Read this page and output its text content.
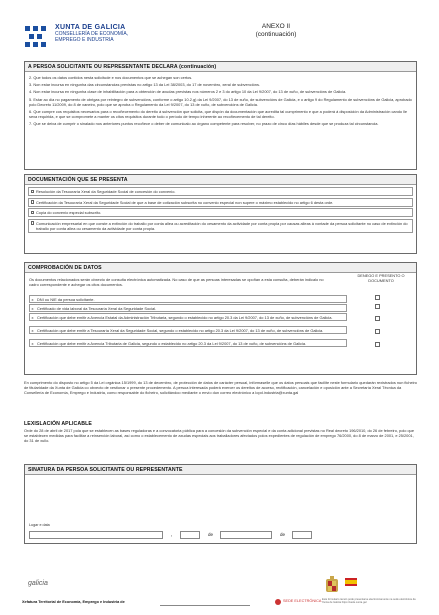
XUNTA DE GALICIA
CONSELLERÍA DE ECONOMÍA,
EMPREGO E INDUSTRIA
ANEXO II
(continuación)
A PERSOA SOLICITANTE OU REPRESENTANTE DECLARA (continuación)
2. Que todos os datos contidos nesta solicitude e nos documentos que se achegan son certos.
3. Non estar incursa en ningunha das circunstancias previstas no artigo 13 da Lei 38/2003, do 17 de novembro, xeral de subvencións.
4. Non estar incursa en ningunha clase de inhabilitación para a obtención de axudas previstas nos números 2 e 3 do artigo 10 da Lei 9/2007, do 13 de xuño, de subvencións de Galicia.
5. Estar ao día no pagamento de obrigas por reintegro de subvencións, conforme o artigo 10.2.g) da Lei 9/2007, do 13 de xuño, de subvencións de Galicia, e o artigo 9 do Regulamento de subvencións de Galicia, aprobado polo Decreto 11/2009, do 8 de xaneiro, polo que se aproba o Regulamento da Lei 9/2007, do 13 de xuño, de subvencións de Galicia.
6. Que cumpre cos requisitos necesarios para o recoñecemento do dereito á subvención que solicita, que dispón da documentación que acredita tal cumprimento e que a poderá á disposición da Administración cando lle sexa requirida, e que se compromete a manter os citos requisitos durante todo o período de tempo inherente ao recoñecemento de tal dereito.
7. Que se deixa de cumprir o sinalado nos anteriores puntos recoñece o deber de comunicalo ao órgano competente para resolver, no prazo de cinco días hábiles desde que se produza tal circunstancia.
DOCUMENTACIÓN QUE SE PRESENTA
Resolución da Tesouraría Xeral da Seguridade Social de concesión do convenio.
Certificación da Tesouraría Xeral da Seguridade Social de que a base de cotización subscrita no convenio especial non supere o máximo establecido no artigo 6 desta orde.
Copia do convenio especial subscrito.
Comunicación empresarial en que conste a extinción do traballo por conta allea ou acreditación do cesamento da actividade por conta propia por causas alleas á vontade da persoa solicitante no caso de extinción do traballo por conta allea ou cesamento da actividade por conta propia.
COMPROBACIÓN DE DATOS
Os documentos relacionados serán obxecto de consulta electrónica automatizada. No caso de que as persoas interesadas se opoñan a esta consulta, deberán indicalo no cadro correspondente e achegar os citos documentos.
DENEGO E PRESENTO O DOCUMENTO
x DNI ou NIE da persoa solicitante.
x Certificado de vida laboral da Tesouraría Xeral da Seguridade Social.
x Certificación que debe emitir a Axencia Estatal da Administración Tributaria, segundo o establecido no artigo 20.3 da Lei 9/2007, do 13 de xuño, de subvencións de Galicia.
x Certificación que debe emitir a Tesouraría Xeral da Seguridade Social, segundo o establecido no artigo 20.3 da Lei 9/2007, do 13 de xuño, de subvencións de Galicia.
x Certificación que debe emitir a Axencia Tributaria de Galicia, segundo o establecido no artigo 20.3 da Lei 9/2007, do 13 de xuño, de subvencións de Galicia.
En cumprimento do disposto no artigo 5 da Lei orgánica 15/1999, do 13 de decembro, de protección de datos de carácter persoal, infórmaselle que os datos persoais que facilite neste formulario quedarán rexistrados nun ficheiro de titularidade da Xunta de Galicia co obxecto de xestionar o presente procedemento. A persoa interesada poderá exercer os dereitos de acceso, rectificación, cancelación e oposición ante a Secretaría Xeral Técnica da Consellería de Economía, Emprego e Industria, como responsable do ficheiro, solicitándoo mediante o envío dun correo electrónico a lopd.industria@xunta.gal
LEXISLACIÓN APLICABLE
Orde do 28 de abril de 2017 pola que se establecen as bases reguladoras e a convocatoria pública para a concesión da subvención especial e da conta adicional previstas no Real decreto 196/2010, do 26 de febreiro, polo que se establecen medidas para facilitar a reinserción laboral, así como o establecemento de axudas especiais aos traballadores afectados polos expedientes de regulación de emprego 76/2000, do 8 de marzo de 2001, e 25/2001, do 31 de xullo.
SINATURA DA PERSOA SOLICITANTE OU REPRESENTANTE
Lugar e data
,	de	de
galicia
SEDE ELECTRÓNICA Este formulario tamén pode presentarse electronicamente na sede electrónica da Xunta de Galicia https://sede.xunta.gal
Xefatura Territorial de Economía, Emprego e Industria de
